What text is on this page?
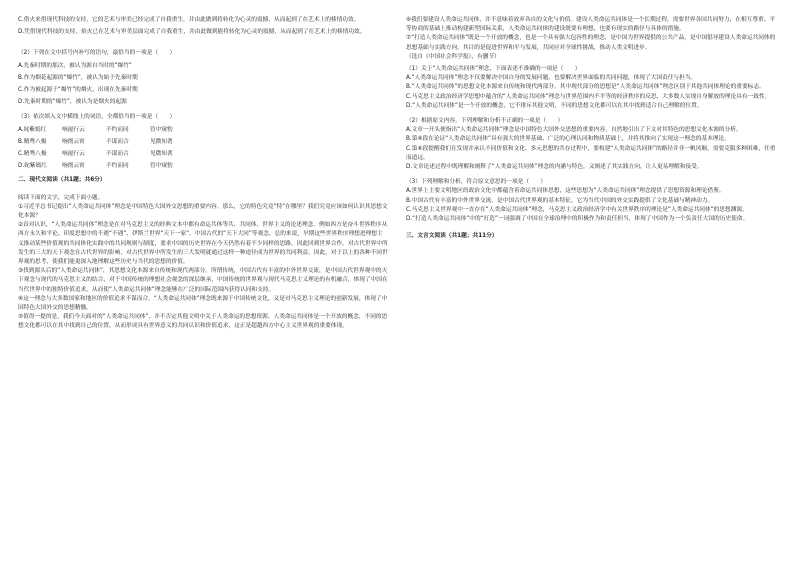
C.借火来借现代科技的支持，它的艺术与审美已经完成了自我重生，并由此做到将转化为心灵的震撼，从而起到了在艺术上的移情功效。

D.凭借现代科技的支持，焰火已在艺术与审美层面完成了自我重生，并由此做到能将转化为心灵的震撼，从而起到了在艺术上的移情功效。

（2）下列在文中括号内补写的语句，最恰当的一项是（　　）

A.先秦时期的那次，被认为源自当时的“爆竹”

B.作为烟花起源的“爆竹”，被认为始于先秦时期

C.作为被起源于“爆竹”的烟火，出现在先秦时期

D.先秦时期的“爆竹”，被认为是烟火的起源

（3）依次填入文中横线上的词语，全都恰当的一项是（　　）

A.姹紫嫣红	响遏行云	不约而同	管中窥豹
B.精骛八极	响彻云霄	不谋而合	见微知著
C.精骛八极	响遏行云	不谋而合	见微知著
D.姹紫嫣红	响彻云霄	不约而同	管中窥豹

二、现代文阅读（共1题；共6分）

阅读下面的文字，完成下面小题。

①习近平总书记提出“人类命运共同体”理念是中国特色大国外交思想的重要内容。那么，它的特色究竟“特”在哪里？我们究竟应该如何认识其思想文化本源？

②首对认识，“人类命运共同体”理念是在对马克思主义的经典文本中都有命运共体等共、共同体、世界主义的论述理念。例如西方是奋斗世界秩序从西方永久和平论、印度思想中的不遇“不遇”、伊斯兰世界“天下一家”、中国古代的“天下大同”等观念，总的来说，早期这些世界秩序理想进理想主义推动某些价值观的共同体化实践中的共同规则与制度，要求中国的历史世界在今天仍然有着不少同样的思路，因此回到世界合作。对古代世界中所发生的三大的天下观念在古代世界的影响，对古代世界中所发生的三大发明就通过这样一种途径成为世界的共同利益。因此，对于以上的各种不同世界观的思考，使我们能更深入地理解这些历史与当代的思想的价值。

③找到源头后的“人类命运共同体”，其思想文化本源来自传统和现代两部分。所谓传统，中国古代有丰富的中外世界交流，是中国古代世界观中的天下观念与现代的马克思主义的结合，对于中国传统的理想社会观念的深层继承，中国传统的世界观与现代马克思主义理论的有机融合，体现了中国在当代世界中的独特价值追求，从而使“人类命运共同体”理念能够在广泛的国际范围内获得认同和支持。

④这一理念与大多数国家和地区的价值追求不谋而合。“人类命运共同体”理念既来源于中国传统文化，又是对马克思主义理论的创新发展，体现了中国特色大国外交的思想精髓。

⑤值得一提的是，我们今天面对的“人类命运共同体”，并不否定其他文明中关于人类命运的思想资源。人类命运共同体是一个开放的概念，不同的思想文化都可以在其中找到自己的位置，从而形成具有世界意义的共同认识和价值追求，这正是超越西方中心主义世界观的重要体现。

⑥我们要建设人类命运共同体，并不意味着放弃各自的文化与价值。建设人类命运共同体是一个长期过程，需要世界各国共同努力，在相互尊重、平等协商的基础上推动构建新型国际关系，人类命运共同体的建设既要有理想，也要有现实的路径与具体的措施。

⑦“打造人类命运共同体”既是一个开放的概念，也是一个具有强大包容性的理念，是中国为世界提供的公共产品，是中国倡导建设人类命运共同体的思想基础与实践方向，其目的是促进世界和平与发展，共同应对全球性挑战，推动人类文明进步。

（选自《中国社会科学报》，有删节）

（1）关于“人类命运共同体”理念，下面表述不准确的一项是（　　）

A.“人类命运共同体”理念不仅要解决中国自身的发展问题，也要解决世界面临的共同问题，体现了大国责任与担当。

B.“人类命运共同体”的思想文化本源来自传统和现代两部分，其中现代部分的思想是“人类命运共同体”理念区别于其他共同体理论的重要标志。

C.马克思主义政治经济学思想中蕴含的“人类命运共同体”理念与世界范围内不平等的经济秩序的反思、大多数人实现自身解放的理论具有一致性。

D.“人类命运共同体”是一个开放的概念，它不排斥其他文明，不同的思想文化都可以在其中找到适合自己理解的位置。

（2）根据原文内容，下列理解和分析不正确的一项是（　　）

A.文章一开头便指出“人类命运共同体”理念是中国特色大国外交思想的重要内容，自然地引出了下文对其特色的思想文化本源的分析。

B.第④段在论证“人类命运共同体”具有强大的世界基础、广泛的心理认同和物质基础上，并将其推向了实现这一理念的基本理论。

C.第⑥段提醒我们在发现并承认不同价值和文化、多元思想的共存过程中，要构建“人类命运共同体”的路径并非一帆风顺，需要克服多种困难，任重而道远。

D.文章论述过程中既理解和阐释了“人类命运共同体”理念的内涵与特色，又阐述了其实践方向，让人更易理解和接受。

（3）下列理解和分析，符合原文意思的一项是（　　）

A.世界上主要文明地区的政治文化中都蕴含着命运共同体思想，这些思想为“人类命运共同体”理念提供了思想资源和理论借鉴。

B.中国古代有丰富的中外世界交流，是中国古代世界观的基本特征，它为当代中国的外交实践提供了文化基础与精神动力。

C.马克思主义世界观中一直存在“人类命运共同体”理念，马克思主义政治经济学中有关世界秩序的理论是“人类命运共同体”的思想渊源。

D.“打造人类命运共同体”中的“打造”一词强调了中国在全球治理中的积极作为和责任担当，体现了中国作为一个负责任大国的历史使命。

三、文言文阅读（共1题；共11分）
